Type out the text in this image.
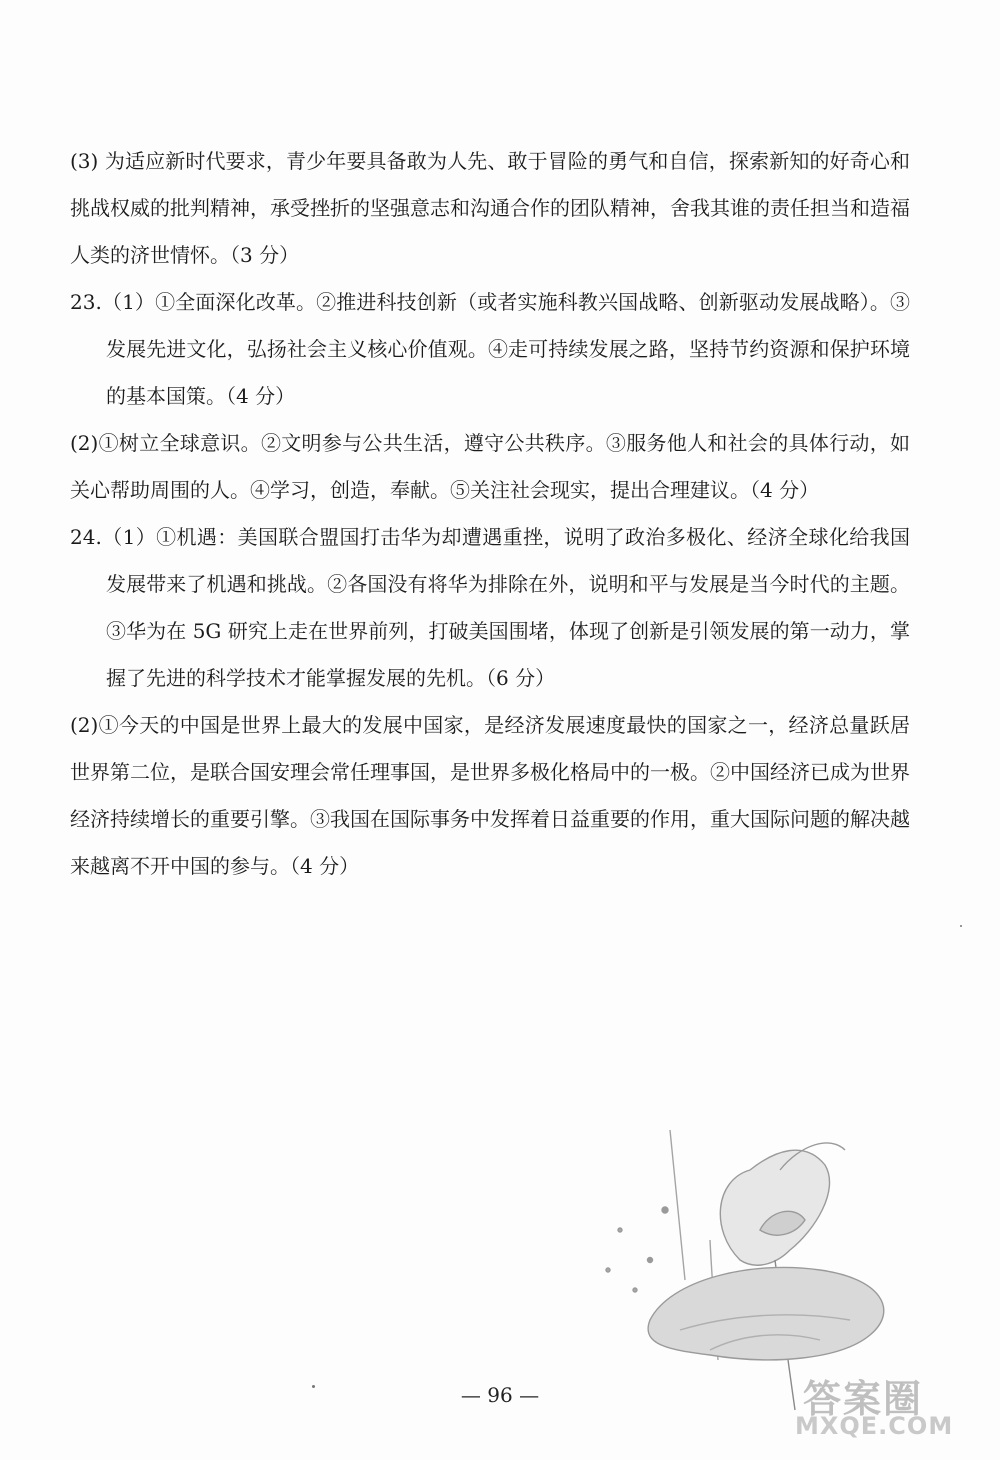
(3) 为适应新时代要求，青少年要具备敢为人先、敢于冒险的勇气和自信，探索新知的好奇心和挑战权威的批判精神，承受挫折的坚强意志和沟通合作的团队精神，舍我其谁的责任担当和造福人类的济世情怀。（3 分）

23.（1）①全面深化改革。②推进科技创新（或者实施科教兴国战略、创新驱动发展战略）。③发展先进文化，弘扬社会主义核心价值观。④走可持续发展之路，坚持节约资源和保护环境的基本国策。（4 分）

(2)①树立全球意识。②文明参与公共生活，遵守公共秩序。③服务他人和社会的具体行动，如关心帮助周围的人。④学习，创造，奉献。⑤关注社会现实，提出合理建议。（4 分）

24.（1）①机遇：美国联合盟国打击华为却遭遇重挫，说明了政治多极化、经济全球化给我国发展带来了机遇和挑战。②各国没有将华为排除在外，说明和平与发展是当今时代的主题。③华为在 5G 研究上走在世界前列，打破美国围堵，体现了创新是引领发展的第一动力，掌握了先进的科学技术才能掌握发展的先机。（6 分）

(2)①今天的中国是世界上最大的发展中国家，是经济发展速度最快的国家之一，经济总量跃居世界第二位，是联合国安理会常任理事国，是世界多极化格局中的一极。②中国经济已成为世界经济持续增长的重要引擎。③我国在国际事务中发挥着日益重要的作用，重大国际问题的解决越来越离不开中国的参与。（4 分）

— 96 —	答案圈
MXQE.COM
